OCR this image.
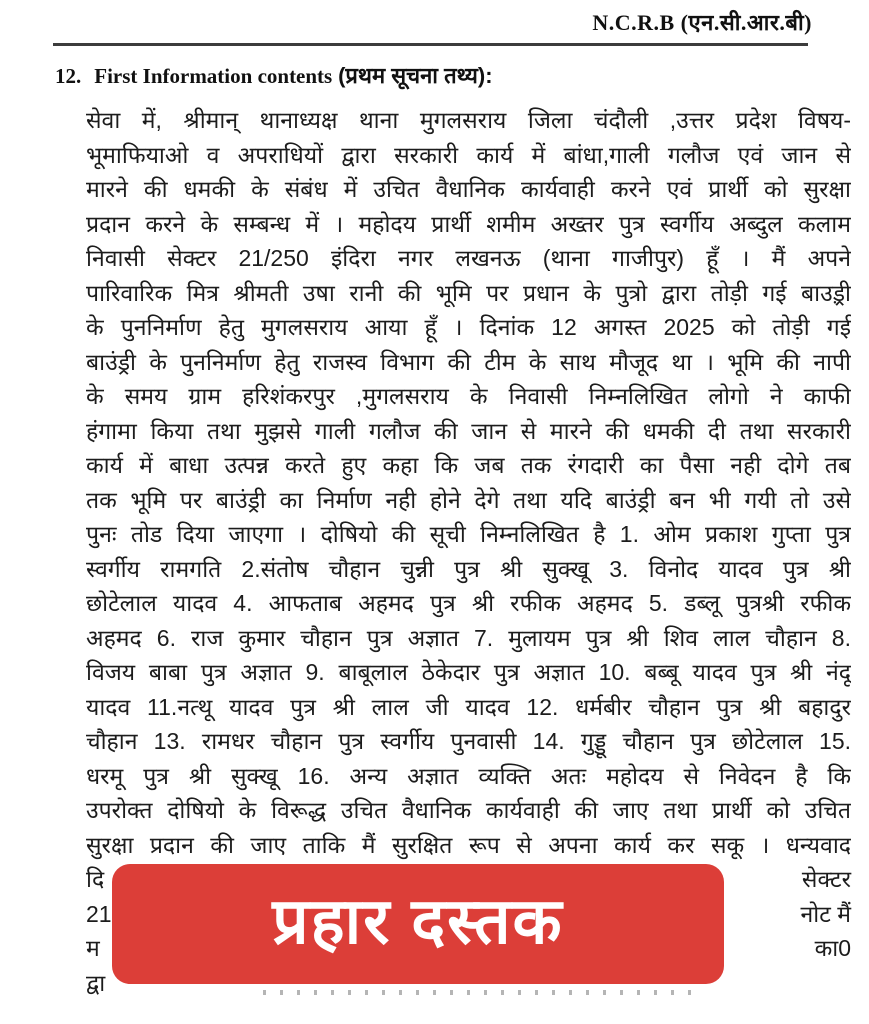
N.C.R.B (एन.सी.आर.बी)
12. First Information contents (प्रथम सूचना तथ्य):
सेवा में, श्रीमान् थानाध्यक्ष थाना मुगलसराय जिला चंदौली ,उत्तर प्रदेश विषय-
भूमाफियाओ व अपराधियों द्वारा सरकारी कार्य में बांधा,गाली गलौज एवं जान से
मारने की धमकी के संबंध में उचित वैधानिक कार्यवाही करने एवं प्रार्थी को सुरक्षा
प्रदान करने के सम्बन्ध में । महोदय प्रार्थी शमीम अख्तर पुत्र स्वर्गीय अब्दुल कलाम
निवासी सेक्टर 21/250 इंदिरा नगर लखनऊ (थाना गाजीपुर) हूँ । मैं अपने
पारिवारिक मित्र श्रीमती उषा रानी की भूमि पर प्रधान के पुत्रो द्वारा तोड़ी गई बाउड़्री
के पुननिर्माण हेतु मुगलसराय आया हूँ । दिनांक 12 अगस्त 2025 को तोड़ी गई
बाउंड्री के पुननिर्माण हेतु राजस्व विभाग की टीम के साथ मौजूद था । भूमि की नापी
के समय ग्राम हरिशंकरपुर ,मुगलसराय के निवासी निम्नलिखित लोगो ने काफी
हंगामा किया तथा मुझसे गाली गलौज की जान से मारने की धमकी दी तथा सरकारी
कार्य में बाधा उत्पन्न करते हुए कहा कि जब तक रंगदारी का पैसा नही दोगे तब
तक भूमि पर बाउंड्री का निर्माण नही होने देगे तथा यदि बाउंड्री बन भी गयी तो उसे
पुनः तोड दिया जाएगा । दोषियो की सूची निम्नलिखित है 1. ओम प्रकाश गुप्ता पुत्र
स्वर्गीय रामगति 2.संतोष चौहान चुन्नी पुत्र श्री सुक्खू 3. विनोद यादव पुत्र श्री
छोटेलाल यादव 4. आफताब अहमद पुत्र श्री रफीक अहमद 5. डब्लू पुत्रश्री रफीक
अहमद 6. राज कुमार चौहान पुत्र अज्ञात 7. मुलायम पुत्र श्री शिव लाल चौहान 8.
विजय बाबा पुत्र अज्ञात 9. बाबूलाल ठेकेदार पुत्र अज्ञात 10. बब्बू यादव पुत्र श्री नंदू
यादव 11.नत्थू यादव पुत्र श्री लाल जी यादव 12. धर्मबीर चौहान पुत्र श्री बहादुर
चौहान 13. रामधर चौहान पुत्र स्वर्गीय पुनवासी 14. गुड्डू चौहान पुत्र छोटेलाल 15.
धरमू पुत्र श्री सुक्खू 16. अन्य अज्ञात व्यक्ति अतः महोदय से निवेदन है कि
उपरोक्त दोषियो के विरूद्ध उचित वैधानिक कार्यवाही की जाए तथा प्रार्थी को उचित
सुरक्षा प्रदान की जाए ताकि मैं सुरक्षित रूप से अपना कार्य कर सकू । धन्यवाद
दि	सेक्टर
21	नोट मैं
म	का0
द्वा
प्रहार दस्तक
